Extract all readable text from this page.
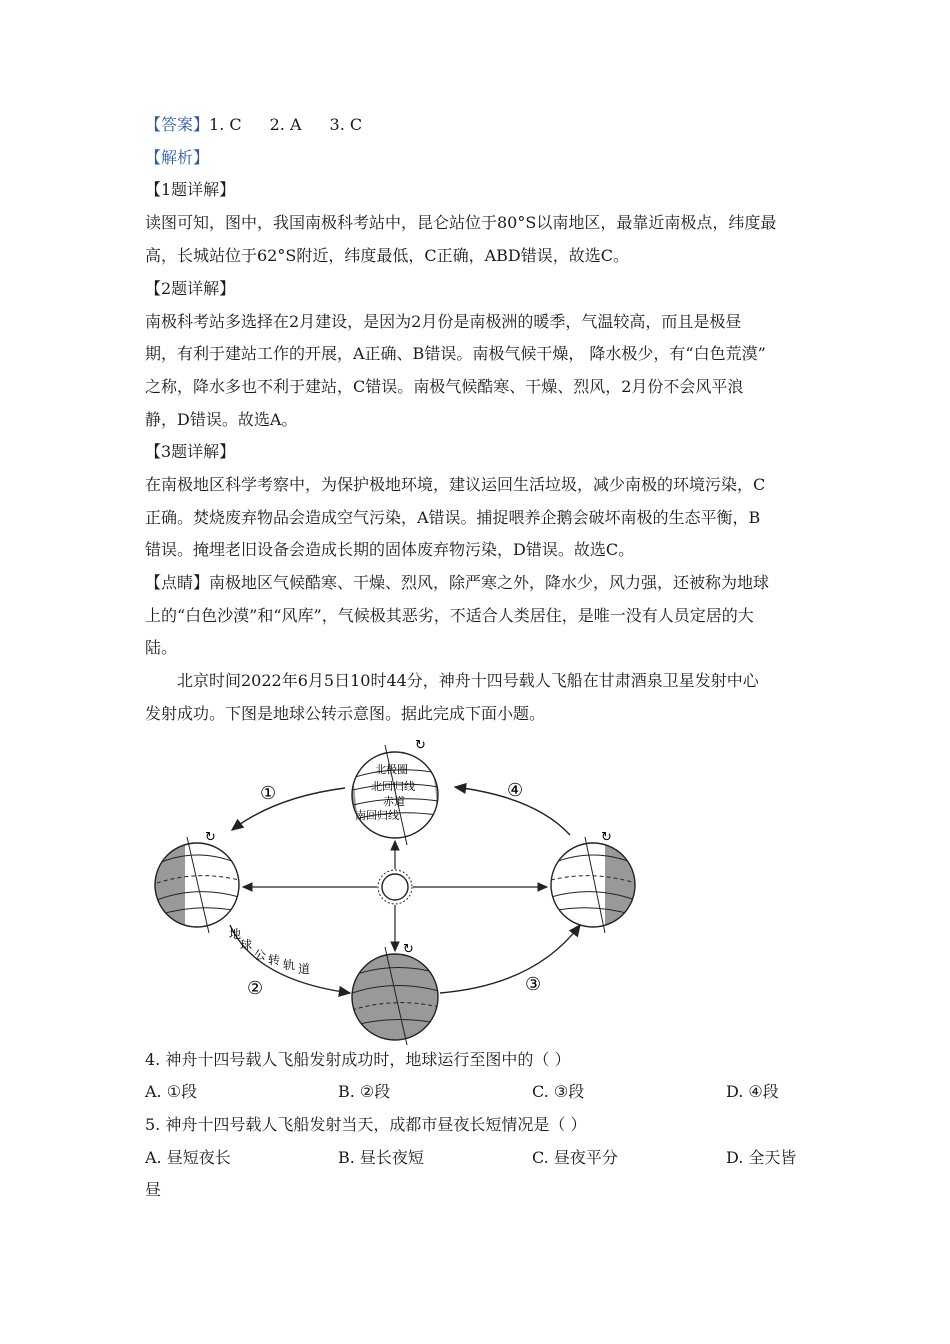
【答案】1. C 2. A 3. C
【解析】
【1题详解】
读图可知，图中，我国南极科考站中，昆仑站位于80°S以南地区，最靠近南极点，纬度最
高，长城站位于62°S附近，纬度最低，C正确，ABD错误，故选C。
【2题详解】
南极科考站多选择在2月建设，是因为2月份是南极洲的暖季，气温较高，而且是极昼
期，有利于建站工作的开展，A正确、B错误。南极气候干燥， 降水极少，有“白色荒漠”
之称，降水多也不利于建站，C错误。南极气候酷寒、干燥、烈风，2月份不会风平浪
静，D错误。故选A。
【3题详解】
在南极地区科学考察中，为保护极地环境，建议运回生活垃圾，减少南极的环境污染，C
正确。焚烧废弃物品会造成空气污染，A错误。捕捉喂养企鹅会破坏南极的生态平衡，B
错误。掩埋老旧设备会造成长期的固体废弃物污染，D错误。故选C。
【点睛】南极地区气候酷寒、干燥、烈风，除严寒之外，降水少，风力强，还被称为地球
上的“白色沙漠”和“风库”，气候极其恶劣，不适合人类居住，是唯一没有人员定居的大
陆。
北京时间2022年6月5日10时44分，神舟十四号载人飞船在甘肃酒泉卫星发射中心
发射成功。下图是地球公转示意图。据此完成下面小题。
↻
北极圈
北回归线
赤道
南回归线
↻	↻
↻
①
②	③
④
地
球
公 转 轨 道
4. 神舟十四号载人飞船发射成功时，地球运行至图中的（ ）
A. ①段	B. ②段	C. ③段	D. ④段
5. 神舟十四号载人飞船发射当天，成都市昼夜长短情况是（ ）
A. 昼短夜长	B. 昼长夜短	C. 昼夜平分	D. 全天皆
昼
